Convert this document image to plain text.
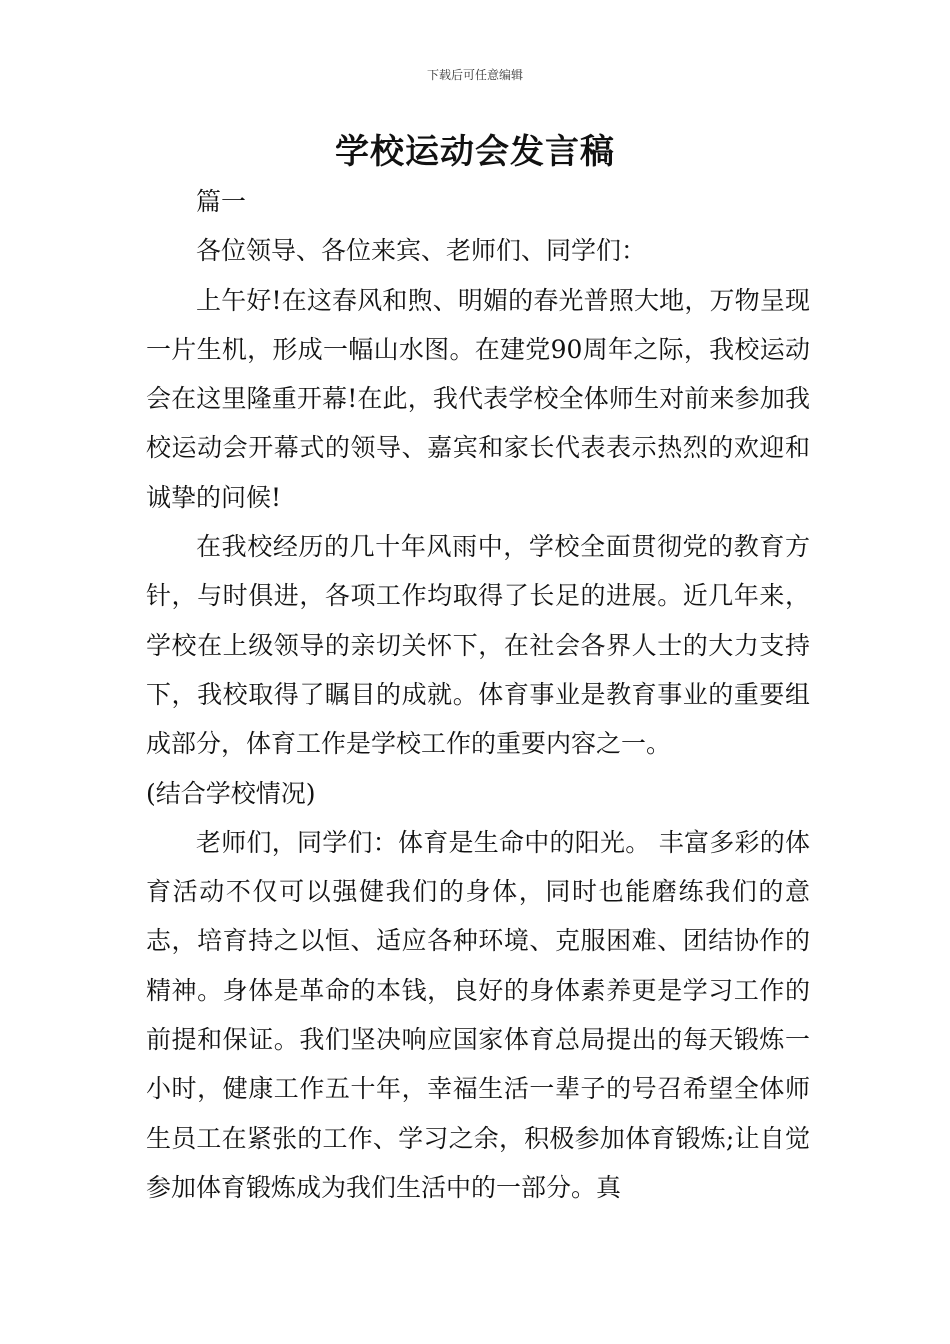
下载后可任意编辑
学校运动会发言稿

篇一

各位领导、各位来宾、老师们、同学们：

上午好!在这春风和煦、明媚的春光普照大地，万物呈现一片生机，形成一幅山水图。在建党90周年之际，我校运动会在这里隆重开幕!在此，我代表学校全体师生对前来参加我校运动会开幕式的领导、嘉宾和家长代表表示热烈的欢迎和诚挚的问候!

在我校经历的几十年风雨中，学校全面贯彻党的教育方针，与时俱进，各项工作均取得了长足的进展。近几年来，学校在上级领导的亲切关怀下，在社会各界人士的大力支持下，我校取得了瞩目的成就。体育事业是教育事业的重要组成部分，体育工作是学校工作的重要内容之一。

(结合学校情况)

老师们，同学们：体育是生命中的阳光。 丰富多彩的体育活动不仅可以强健我们的身体，同时也能磨练我们的意志，培育持之以恒、适应各种环境、克服困难、团结协作的精神。身体是革命的本钱，良好的身体素养更是学习工作的前提和保证。我们坚决响应国家体育总局提出的每天锻炼一小时，健康工作五十年，幸福生活一辈子的号召希望全体师生员工在紧张的工作、学习之余，积极参加体育锻炼;让自觉参加体育锻炼成为我们生活中的一部分。真
